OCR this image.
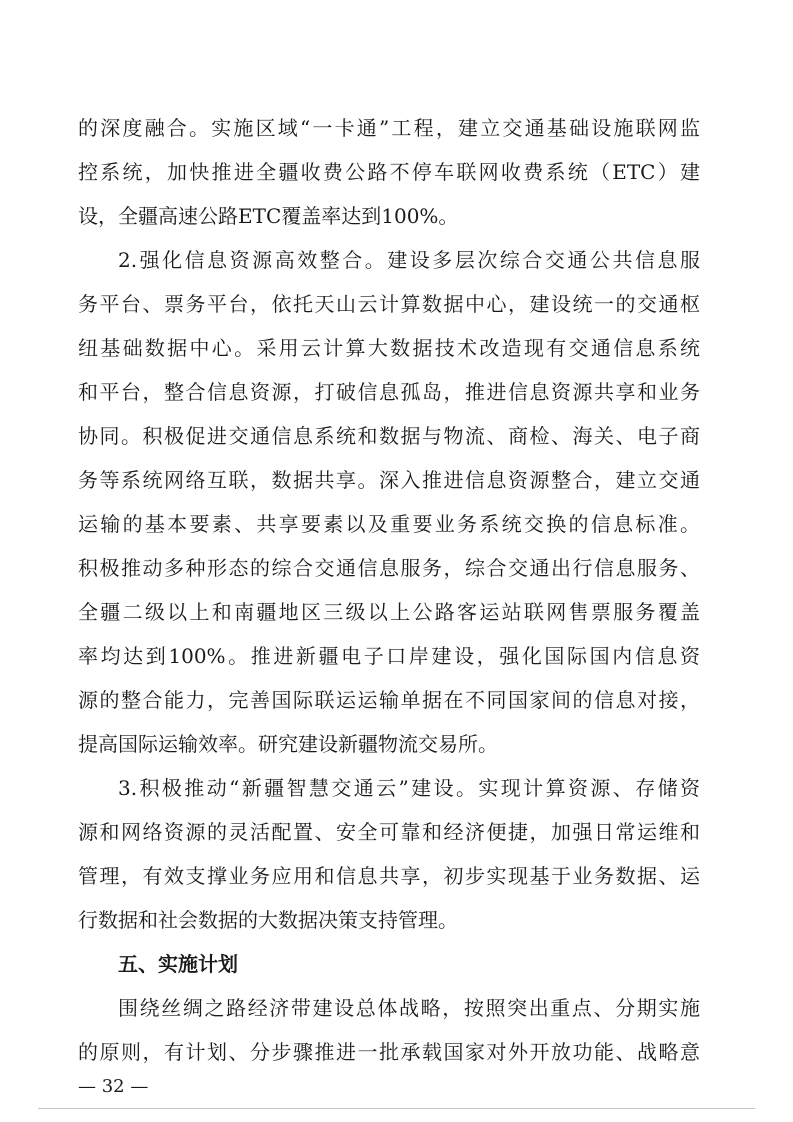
的深度融合。实施区域“一卡通”工程，建立交通基础设施联网监
控系统，加快推进全疆收费公路不停车联网收费系统（ETC）建
设，全疆高速公路ETC覆盖率达到100%。
2.强化信息资源高效整合。建设多层次综合交通公共信息服
务平台、票务平台，依托天山云计算数据中心，建设统一的交通枢
纽基础数据中心。采用云计算大数据技术改造现有交通信息系统
和平台，整合信息资源，打破信息孤岛，推进信息资源共享和业务
协同。积极促进交通信息系统和数据与物流、商检、海关、电子商
务等系统网络互联，数据共享。深入推进信息资源整合，建立交通
运输的基本要素、共享要素以及重要业务系统交换的信息标准。
积极推动多种形态的综合交通信息服务，综合交通出行信息服务、
全疆二级以上和南疆地区三级以上公路客运站联网售票服务覆盖
率均达到100%。推进新疆电子口岸建设，强化国际国内信息资
源的整合能力，完善国际联运运输单据在不同国家间的信息对接，
提高国际运输效率。研究建设新疆物流交易所。
3.积极推动“新疆智慧交通云”建设。实现计算资源、存储资
源和网络资源的灵活配置、安全可靠和经济便捷，加强日常运维和
管理，有效支撑业务应用和信息共享，初步实现基于业务数据、运
行数据和社会数据的大数据决策支持管理。
五、实施计划
围绕丝绸之路经济带建设总体战略，按照突出重点、分期实施
的原则，有计划、分步骤推进一批承载国家对外开放功能、战略意
— 32 —
